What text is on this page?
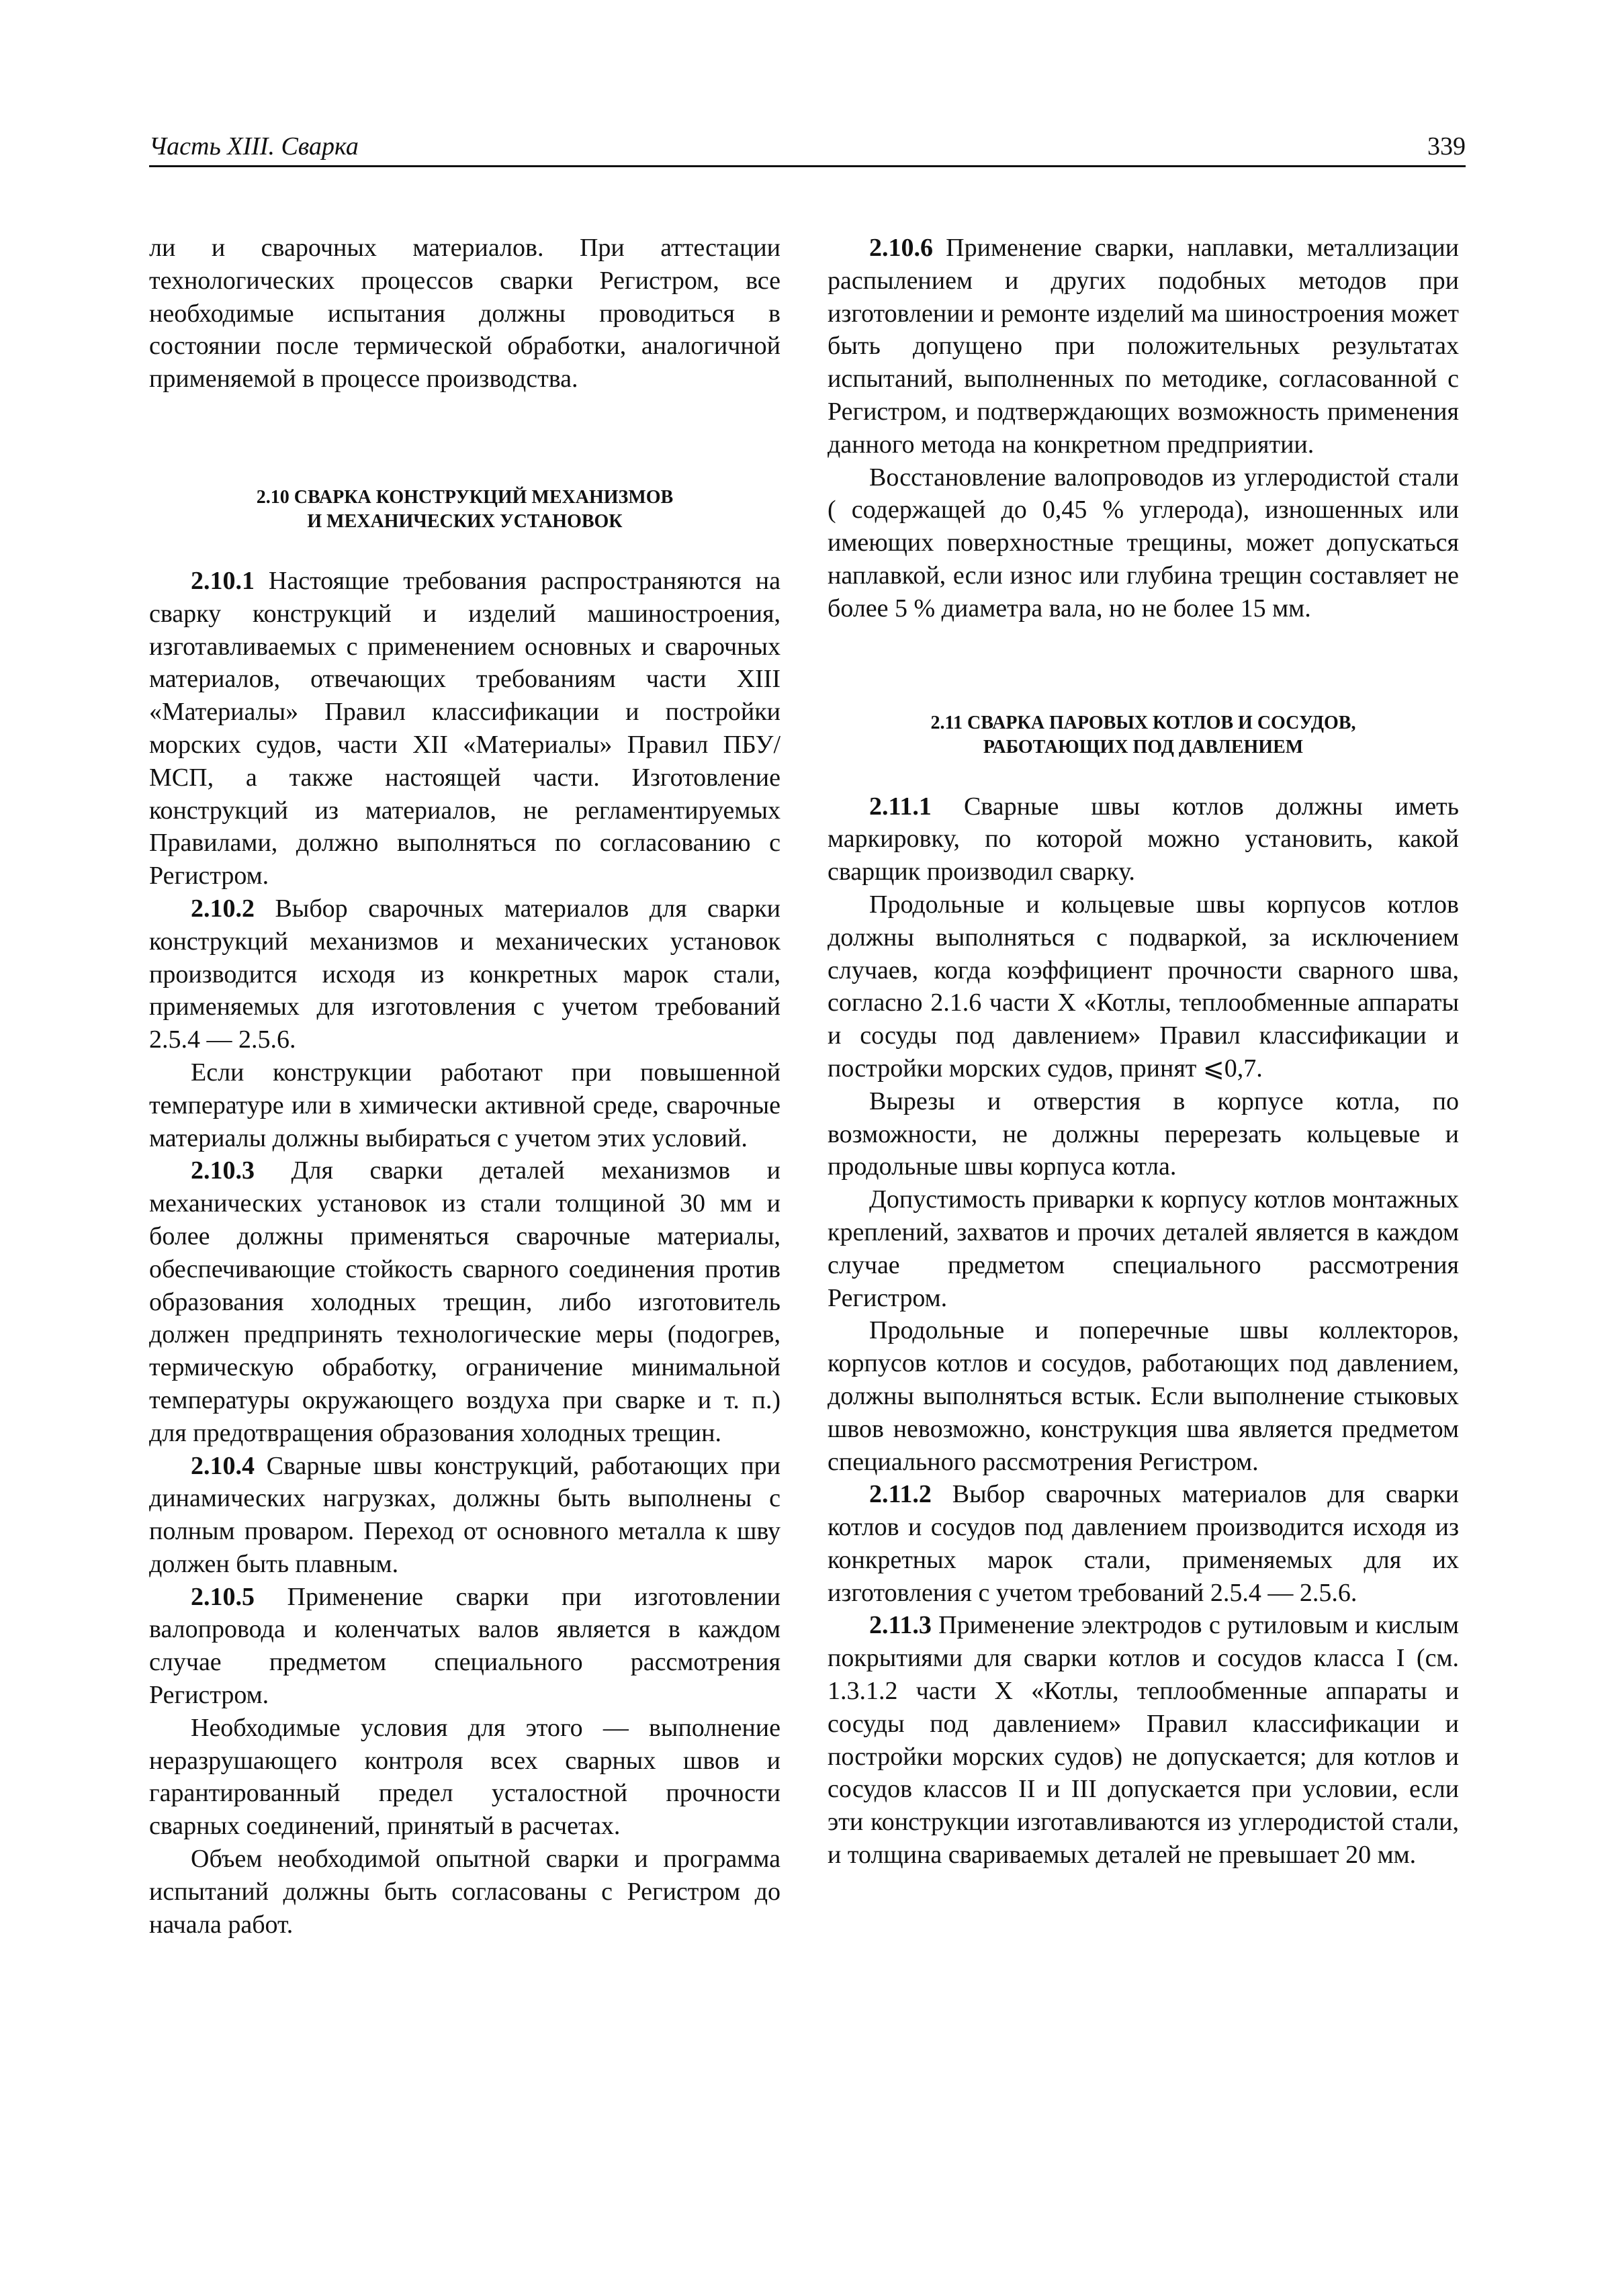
Часть XIII. Сварка	339

ли и сварочных материалов. При аттестации технологических процессов сварки Регистром, все необходимые испытания должны проводиться в состоянии после термической обработки, аналогичной применяемой в процессе производства.

2.10 СВАРКА КОНСТРУКЦИЙ МЕХАНИЗМОВ
И МЕХАНИЧЕСКИХ УСТАНОВОК

2.10.1 Настоящие требования распространяются на сварку конструкций и изделий машиностроения, изготавливаемых с применением основных и сварочных материалов, отвечающих требованиям части XIII «Материалы» Правил классификации и постройки морских судов, части XII «Материалы» Правил ПБУ/МСП, а также настоящей части. Изготовление конструкций из материалов, не регламентируемых Правилами, должно выполняться по согласованию с Регистром.

2.10.2 Выбор сварочных материалов для сварки конструкций механизмов и механических установок производится исходя из конкретных марок стали, применяемых для изготовления с учетом требований 2.5.4 — 2.5.6.

Если конструкции работают при повышенной температуре или в химически активной среде, сварочные материалы должны выбираться с учетом этих условий.

2.10.3 Для сварки деталей механизмов и механических установок из стали толщиной 30 мм и более должны применяться сварочные материалы, обеспечивающие стойкость сварного соединения против образования холодных трещин, либо изготовитель должен предпринять технологические меры (подогрев, термическую обработку, ограничение минимальной температуры окружающего воздуха при сварке и т. п.) для предотвращения образования холодных трещин.

2.10.4 Сварные швы конструкций, работающих при динамических нагрузках, должны быть выполнены с полным проваром. Переход от основного металла к шву должен быть плавным.

2.10.5 Применение сварки при изготовлении валопровода и коленчатых валов является в каждом случае предметом специального рассмотрения Регистром.

Необходимые условия для этого — выполнение неразрушающего контроля всех сварных швов и гарантированный предел усталостной прочности сварных соединений, принятый в расчетах.

Объем необходимой опытной сварки и программа испытаний должны быть согласованы с Регистром до начала работ.

2.10.6 Применение сварки, наплавки, металлизации распылением и других подобных методов при изготовлении и ремонте изделий ма шиностроения может быть допущено при положительных результатах испытаний, выполненных по методике, согласованной с Регистром, и подтверждающих возможность применения данного метода на конкретном предприятии.

Восстановление валопроводов из углеродистой стали ( содержащей до 0,45 % углерода), изношенных или имеющих поверхностные трещины, может допускаться наплавкой, если износ или глубина трещин составляет не более 5 % диаметра вала, но не более 15 мм.

2.11 СВАРКА ПАРОВЫХ КОТЛОВ И СОСУДОВ,
РАБОТАЮЩИХ ПОД ДАВЛЕНИЕМ

2.11.1 Сварные швы котлов должны иметь маркировку, по которой можно установить, какой сварщик производил сварку.

Продольные и кольцевые швы корпусов котлов должны выполняться с подваркой, за исключением случаев, когда коэффициент прочности сварного шва, согласно 2.1.6 части X «Котлы, теплообменные аппараты и сосуды под давлением» Правил классификации и постройки морских судов, принят ⩽0,7.

Вырезы и отверстия в корпусе котла, по возможности, не должны перерезать кольцевые и продольные швы корпуса котла.

Допустимость приварки к корпусу котлов монтажных креплений, захватов и прочих деталей является в каждом случае предметом специального рассмотрения Регистром.

Продольные и поперечные швы коллекторов, корпусов котлов и сосудов, работающих под давлением, должны выполняться встык. Если выполнение стыковых швов невозможно, конструкция шва является предметом специального рассмотрения Регистром.

2.11.2 Выбор сварочных материалов для сварки котлов и сосудов под давлением производится исходя из конкретных марок стали, применяемых для их изготовления с учетом требований 2.5.4 — 2.5.6.

2.11.3 Применение электродов с рутиловым и кислым покрытиями для сварки котлов и сосудов класса I (см. 1.3.1.2 части X «Котлы, теплообменные аппараты и сосуды под давлением» Правил классификации и постройки морских судов) не допускается; для котлов и сосудов классов II и III допускается при условии, если эти конструкции изготавливаются из углеродистой стали, и толщина свариваемых деталей не превышает 20 мм.
